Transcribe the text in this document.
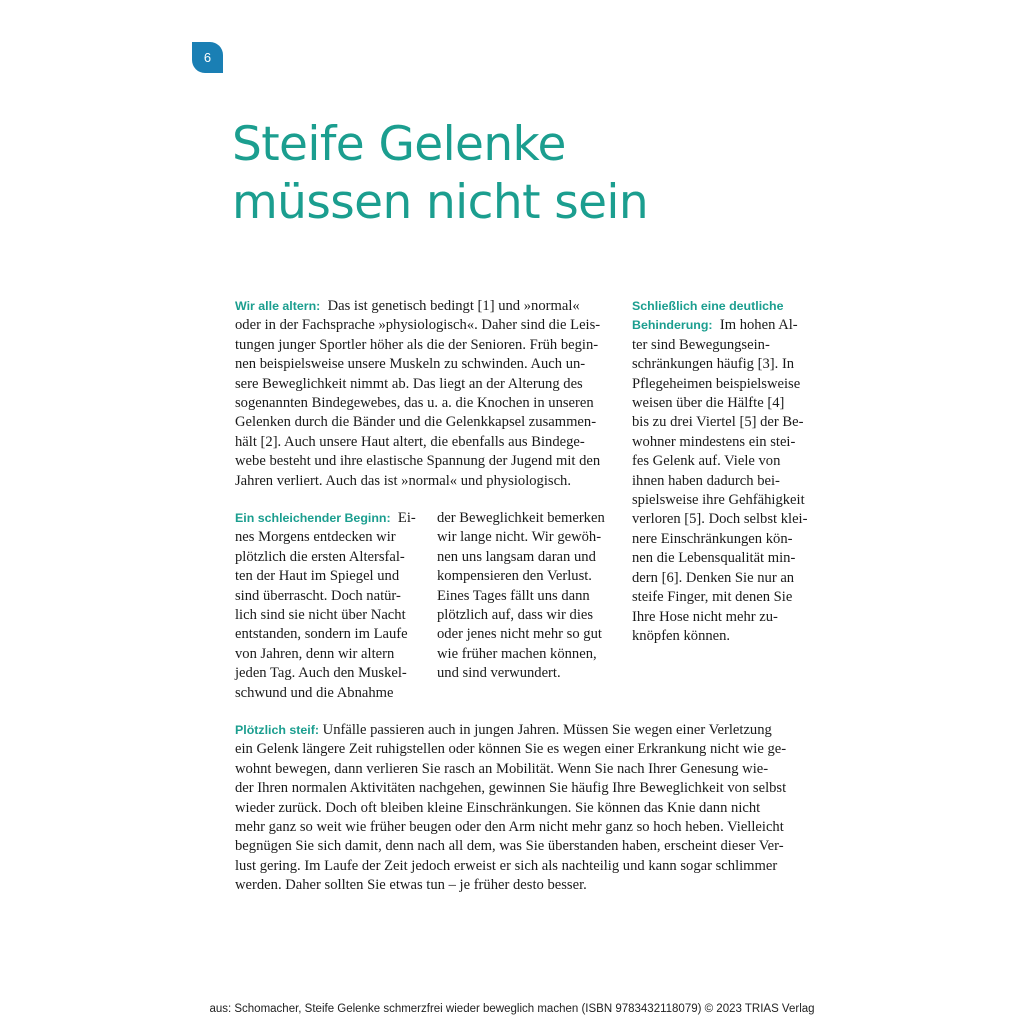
6
Steife Gelenke
müssen nicht sein
Wir alle altern: Das ist genetisch bedingt [1] und »normal«
oder in der Fachsprache »physiologisch«. Daher sind die Leis-
tungen junger Sportler höher als die der Senioren. Früh begin-
nen beispielsweise unsere Muskeln zu schwinden. Auch un-
sere Beweglichkeit nimmt ab. Das liegt an der Alterung des
sogenannten Bindegewebes, das u. a. die Knochen in unseren
Gelenken durch die Bänder und die Gelenkkapsel zusammen-
hält [2]. Auch unsere Haut altert, die ebenfalls aus Bindege-
webe besteht und ihre elastische Spannung der Jugend mit den
Jahren verliert. Auch das ist »normal« und physiologisch.
Ein schleichender Beginn: Ei-
nes Morgens entdecken wir
plötzlich die ersten Altersfal-
ten der Haut im Spiegel und
sind überrascht. Doch natür-
lich sind sie nicht über Nacht
entstanden, sondern im Laufe
von Jahren, denn wir altern
jeden Tag. Auch den Muskel-
schwund und die Abnahme
der Beweglichkeit bemerken
wir lange nicht. Wir gewöh-
nen uns langsam daran und
kompensieren den Verlust.
Eines Tages fällt uns dann
plötzlich auf, dass wir dies
oder jenes nicht mehr so gut
wie früher machen können,
und sind verwundert.
Schließlich eine deutliche
Behinderung: Im hohen Al-
ter sind Bewegungsein-
schränkungen häufig [3]. In
Pflegeheimen beispielsweise
weisen über die Hälfte [4]
bis zu drei Viertel [5] der Be-
wohner mindestens ein stei-
fes Gelenk auf. Viele von
ihnen haben dadurch bei-
spielsweise ihre Gehfähigkeit
verloren [5]. Doch selbst klei-
nere Einschränkungen kön-
nen die Lebensqualität min-
dern [6]. Denken Sie nur an
steife Finger, mit denen Sie
Ihre Hose nicht mehr zu-
knöpfen können.
Plötzlich steif: Unfälle passieren auch in jungen Jahren. Müssen Sie wegen einer Verletzung
ein Gelenk längere Zeit ruhigstellen oder können Sie es wegen einer Erkrankung nicht wie ge-
wohnt bewegen, dann verlieren Sie rasch an Mobilität. Wenn Sie nach Ihrer Genesung wie-
der Ihren normalen Aktivitäten nachgehen, gewinnen Sie häufig Ihre Beweglichkeit von selbst
wieder zurück. Doch oft bleiben kleine Einschränkungen. Sie können das Knie dann nicht
mehr ganz so weit wie früher beugen oder den Arm nicht mehr ganz so hoch heben. Vielleicht
begnügen Sie sich damit, denn nach all dem, was Sie überstanden haben, erscheint dieser Ver-
lust gering. Im Laufe der Zeit jedoch erweist er sich als nachteilig und kann sogar schlimmer
werden. Daher sollten Sie etwas tun – je früher desto besser.
aus: Schomacher, Steife Gelenke schmerzfrei wieder beweglich machen (ISBN 9783432118079) © 2023 TRIAS Verlag
